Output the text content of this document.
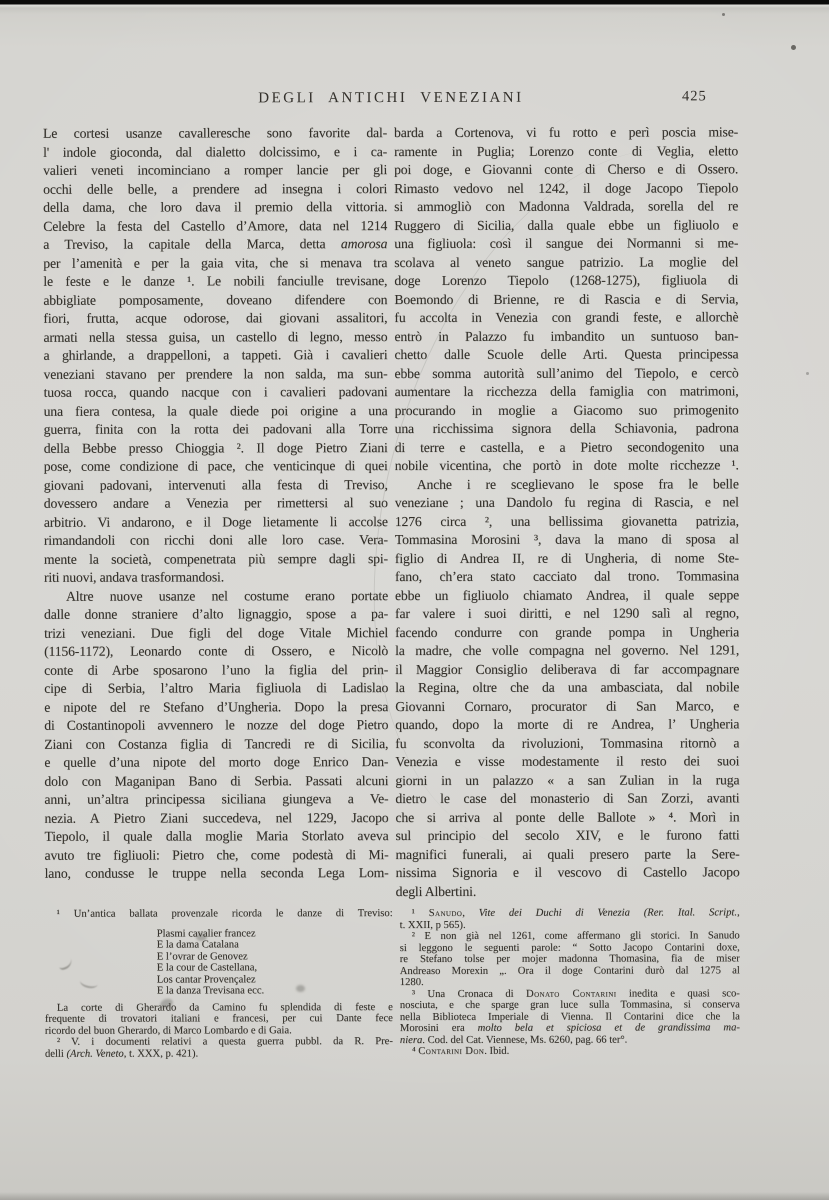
DEGLI ANTICHI VENEZIANI	425
Le cortesi usanze cavalleresche sono favorite dal-
l' indole gioconda, dal dialetto dolcissimo, e i ca-
valieri veneti incominciano a romper lancie per gli
occhi delle belle, a prendere ad insegna i colori
della dama, che loro dava il premio della vittoria.
Celebre la festa del Castello d’Amore, data nel 1214
a Treviso, la capitale della Marca, detta amorosa
per l’amenità e per la gaia vita, che si menava tra
le feste e le danze ¹. Le nobili fanciulle trevisane,
abbigliate pomposamente, doveano difendere con
fiori, frutta, acque odorose, dai giovani assalitori,
armati nella stessa guisa, un castello di legno, messo
a ghirlande, a drappelloni, a tappeti. Già i cavalieri
veneziani stavano per prendere la non salda, ma sun-
tuosa rocca, quando nacque con i cavalieri padovani
una fiera contesa, la quale diede poi origine a una
guerra, finita con la rotta dei padovani alla Torre
della Bebbe presso Chioggia ². Il doge Pietro Ziani
pose, come condizione di pace, che venticinque di quei
giovani padovani, intervenuti alla festa di Treviso,
dovessero andare a Venezia per rimettersi al suo
arbitrio. Vi andarono, e il Doge lietamente li accolse
rimandandoli con ricchi doni alle loro case. Vera-
mente la società, compenetrata più sempre dagli spi-
riti nuovi, andava trasformandosi.
Altre nuove usanze nel costume erano portate
dalle donne straniere d’alto lignaggio, spose a pa-
trizi veneziani. Due figli del doge Vitale Michiel
(1156-1172), Leonardo conte di Ossero, e Nicolò
conte di Arbe sposarono l’uno la figlia del prin-
cipe di Serbia, l’altro Maria figliuola di Ladislao
e nipote del re Stefano d’Ungheria. Dopo la presa
di Costantinopoli avvennero le nozze del doge Pietro
Ziani con Costanza figlia di Tancredi re di Sicilia,
e quelle d’una nipote del morto doge Enrico Dan-
dolo con Maganipan Bano di Serbia. Passati alcuni
anni, un’altra principessa siciliana giungeva a Ve-
nezia. A Pietro Ziani succedeva, nel 1229, Jacopo
Tiepolo, il quale dalla moglie Maria Storlato aveva
avuto tre figliuoli: Pietro che, come podestà di Mi-
lano, condusse le truppe nella seconda Lega Lom-
barda a Cortenova, vi fu rotto e perì poscia mise-
ramente in Puglia; Lorenzo conte di Veglia, eletto
poi doge, e Giovanni conte di Cherso e di Ossero.
Rimasto vedovo nel 1242, il doge Jacopo Tiepolo
si ammogliò con Madonna Valdrada, sorella del re
Ruggero di Sicilia, dalla quale ebbe un figliuolo e
una figliuola: così il sangue dei Normanni si me-
scolava al veneto sangue patrizio. La moglie del
doge Lorenzo Tiepolo (1268-1275), figliuola di
Boemondo di Brienne, re di Rascia e di Servia,
fu accolta in Venezia con grandi feste, e allorchè
entrò in Palazzo fu imbandito un suntuoso ban-
chetto dalle Scuole delle Arti. Questa principessa
ebbe somma autorità sull’animo del Tiepolo, e cercò
aumentare la ricchezza della famiglia con matrimoni,
procurando in moglie a Giacomo suo primogenito
una ricchissima signora della Schiavonia, padrona
di terre e castella, e a Pietro secondogenito una
nobile vicentina, che portò in dote molte ricchezze ¹.
Anche i re sceglievano le spose fra le belle
veneziane ; una Dandolo fu regina di Rascia, e nel
1276 circa ², una bellissima giovanetta patrizia,
Tommasina Morosini ³, dava la mano di sposa al
figlio di Andrea II, re di Ungheria, di nome Ste-
fano, ch’era stato cacciato dal trono. Tommasina
ebbe un figliuolo chiamato Andrea, il quale seppe
far valere i suoi diritti, e nel 1290 salì al regno,
facendo condurre con grande pompa in Ungheria
la madre, che volle compagna nel governo. Nel 1291,
il Maggior Consiglio deliberava di far accompagnare
la Regina, oltre che da una ambasciata, dal nobile
Giovanni Cornaro, procurator di San Marco, e
quando, dopo la morte di re Andrea, l’ Ungheria
fu sconvolta da rivoluzioni, Tommasina ritornò a
Venezia e visse modestamente il resto dei suoi
giorni in un palazzo « a san Zulian in la ruga
dietro le case del monasterio di San Zorzi, avanti
che si arriva al ponte delle Ballote » ⁴. Morì in
sul principio del secolo XIV, e le furono fatti
magnifici funerali, ai quali presero parte la Sere-
nissima Signoria e il vescovo di Castello Jacopo
degli Albertini.
¹ Un’antica ballata provenzale ricorda le danze di Treviso:
Plasmi cavalier francez
E la dama Catalana
E l’ovrar de Genovez
E la cour de Castellana,
Los cantar Provençalez
E la danza Trevisana ecc.
La corte di Gherardo da Camino fu splendida di feste e
frequente di trovatori italiani e francesi, per cui Dante fece
ricordo del buon Gherardo, di Marco Lombardo e di Gaia.
² V. i documenti relativi a questa guerra pubbl. da R. Pre-
delli (Arch. Veneto, t. XXX, p. 421).
¹ Sanudo, Vite dei Duchi di Venezia (Rer. Ital. Script.,
t. XXII, p 565).
² E non già nel 1261, come affermano gli storici. In Sanudo
si leggono le seguenti parole: “ Sotto Jacopo Contarini doxe,
re Stefano tolse per mojer madonna Thomasina, fia de miser
Andreaso Morexin „. Ora il doge Contarini durò dal 1275 al
1280.
³ Una Cronaca di Donato Contarini inedita e quasi sco-
nosciuta, e che sparge gran luce sulla Tommasina, si conserva
nella Biblioteca Imperiale di Vienna. Il Contarini dice che la
Morosini era molto bela et spiciosa et de grandissima ma-
niera. Cod. del Cat. Viennese, Ms. 6260, pag. 66 ter°.
⁴ Contarini Don. Ibid.
